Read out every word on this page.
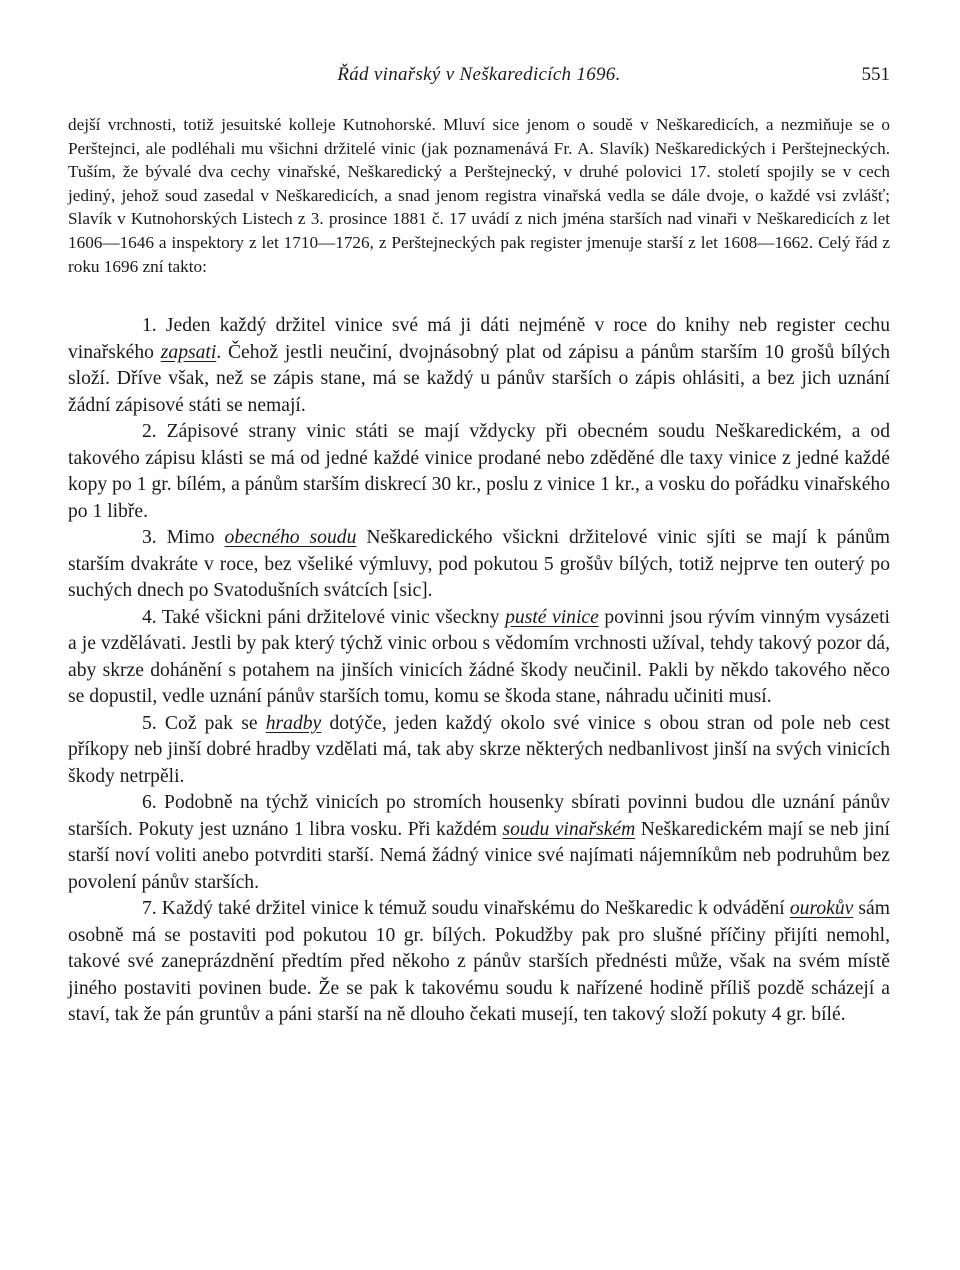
Řád vinařský v Neškaredicích 1696.	551

dejší vrchnosti, totiž jesuitské kolleje Kutnohorské. Mluví sice jenom o soudě v Neškaredicích, a nezmiňuje se o Perštejnci, ale podléhali mu všichni držitelé vinic (jak poznamenává Fr. A. Slavík) Neškaredických i Perštejneckých. Tuším, že bývalé dva cechy vinařské, Neškaredický a Perštejnecký, v druhé polovici 17. století spojily se v cech jediný, jehož soud zasedal v Neškaredicích, a snad jenom registra vinařská vedla se dále dvoje, o každé vsi zvlášť; Slavík v Kutnohorských Listech z 3. prosince 1881 č. 17 uvádí z nich jména starších nad vinaři v Neškaredicích z let 1606—1646 a inspektory z let 1710—1726, z Perštejneckých pak register jmenuje starší z let 1608—1662. Celý řád z roku 1696 zní takto:

1. Jeden každý držitel vinice své má ji dáti nejméně v roce do knihy neb register cechu vinařského zapsati. Čehož jestli neučiní, dvojnásobný plat od zápisu a pánům starším 10 grošů bílých složí. Dříve však, než se zápis stane, má se každý u pánův starších o zápis ohlásiti, a bez jich uznání žádní zápisové státi se nemají.

2. Zápisové strany vinic státi se mají vždycky při obecném soudu Neškaredickém, a od takového zápisu klásti se má od jedné každé vinice prodané nebo zděděné dle taxy vinice z jedné každé kopy po 1 gr. bílém, a pánům starším diskrecí 30 kr., poslu z vinice 1 kr., a vosku do pořádku vinařského po 1 libře.

3. Mimo obecného soudu Neškaredického všickni držitelové vinic sjíti se mají k pánům starším dvakráte v roce, bez všeliké výmluvy, pod pokutou 5 grošův bílých, totiž nejprve ten outerý po suchých dnech po Svatodušních svátcích [sic].

4. Také všickni páni držitelové vinic všeckny pusté vinice povinni jsou rývím vinným vysázeti a je vzdělávati. Jestli by pak který týchž vinic orbou s vědomím vrchnosti užíval, tehdy takový pozor dá, aby skrze dohánění s potahem na jinších vinicích žádné škody neučinil. Pakli by někdo takového něco se dopustil, vedle uznání pánův starších tomu, komu se škoda stane, náhradu učiniti musí.

5. Což pak se hradby dotýče, jeden každý okolo své vinice s obou stran od pole neb cest příkopy neb jinší dobré hradby vzdělati má, tak aby skrze některých nedbanlivost jinší na svých vinicích škody netrpěli.

6. Podobně na týchž vinicích po stromích housenky sbírati povinni budou dle uznání pánův starších. Pokuty jest uznáno 1 libra vosku. Při každém soudu vinařském Neškaredickém mají se neb jiní starší noví voliti anebo potvrditi starší. Nemá žádný vinice své najímati nájemníkům neb podruhům bez povolení pánův starších.

7. Každý také držitel vinice k témuž soudu vinařskému do Neškaredic k odvádění ourokův sám osobně má se postaviti pod pokutou 10 gr. bílých. Pokudžby pak pro slušné příčiny přijíti nemohl, takové své zaneprázdnění předtím před někoho z pánův starších přednésti může, však na svém místě jiného postaviti povinen bude. Že se pak k takovému soudu k nařízené hodině příliš pozdě scházejí a staví, tak že pán gruntův a páni starší na ně dlouho čekati musejí, ten takový složí pokuty 4 gr. bílé.
